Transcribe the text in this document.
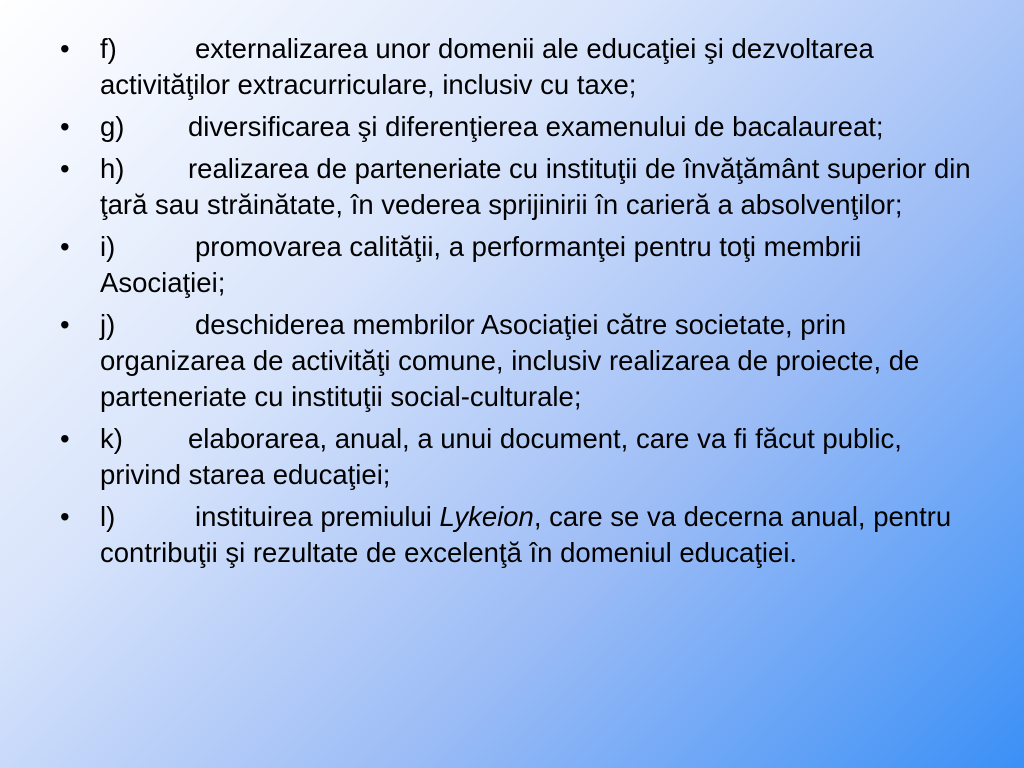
• f)	externalizarea unor domenii ale educaţiei şi dezvoltarea activităţilor extracurriculare, inclusiv cu taxe;
• g) diversificarea şi diferenţierea examenului de bacalaureat;
• h) realizarea de parteneriate cu instituţii de învăţământ superior din ţară sau străinătate, în vederea sprijinirii în carieră a absolvenţilor;
• i)	promovarea calităţii, a performanţei pentru toţi membrii Asociaţiei;
• j)	deschiderea membrilor Asociaţiei către societate, prin organizarea de activităţi comune, inclusiv realizarea de proiecte, de parteneriate cu instituţii social-culturale;
• k) elaborarea, anual, a unui document, care va fi făcut public, privind starea educaţiei;
• l)	instituirea premiului Lykeion, care se va decerna anual, pentru contribuţii şi rezultate de excelenţă în domeniul educaţiei.
